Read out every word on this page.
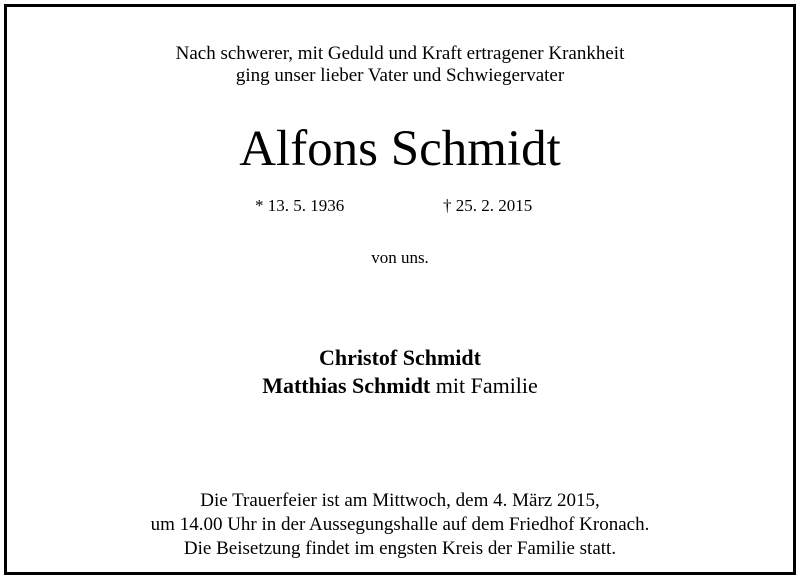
Nach schwerer, mit Geduld und Kraft ertragener Krankheit
ging unser lieber Vater und Schwiegervater
Alfons Schmidt
* 13. 5. 1936	† 25. 2. 2015
von uns.
Christof Schmidt
Matthias Schmidt mit Familie
Die Trauerfeier ist am Mittwoch, dem 4. März 2015,
um 14.00 Uhr in der Aussegungshalle auf dem Friedhof Kronach.
Die Beisetzung findet im engsten Kreis der Familie statt.
